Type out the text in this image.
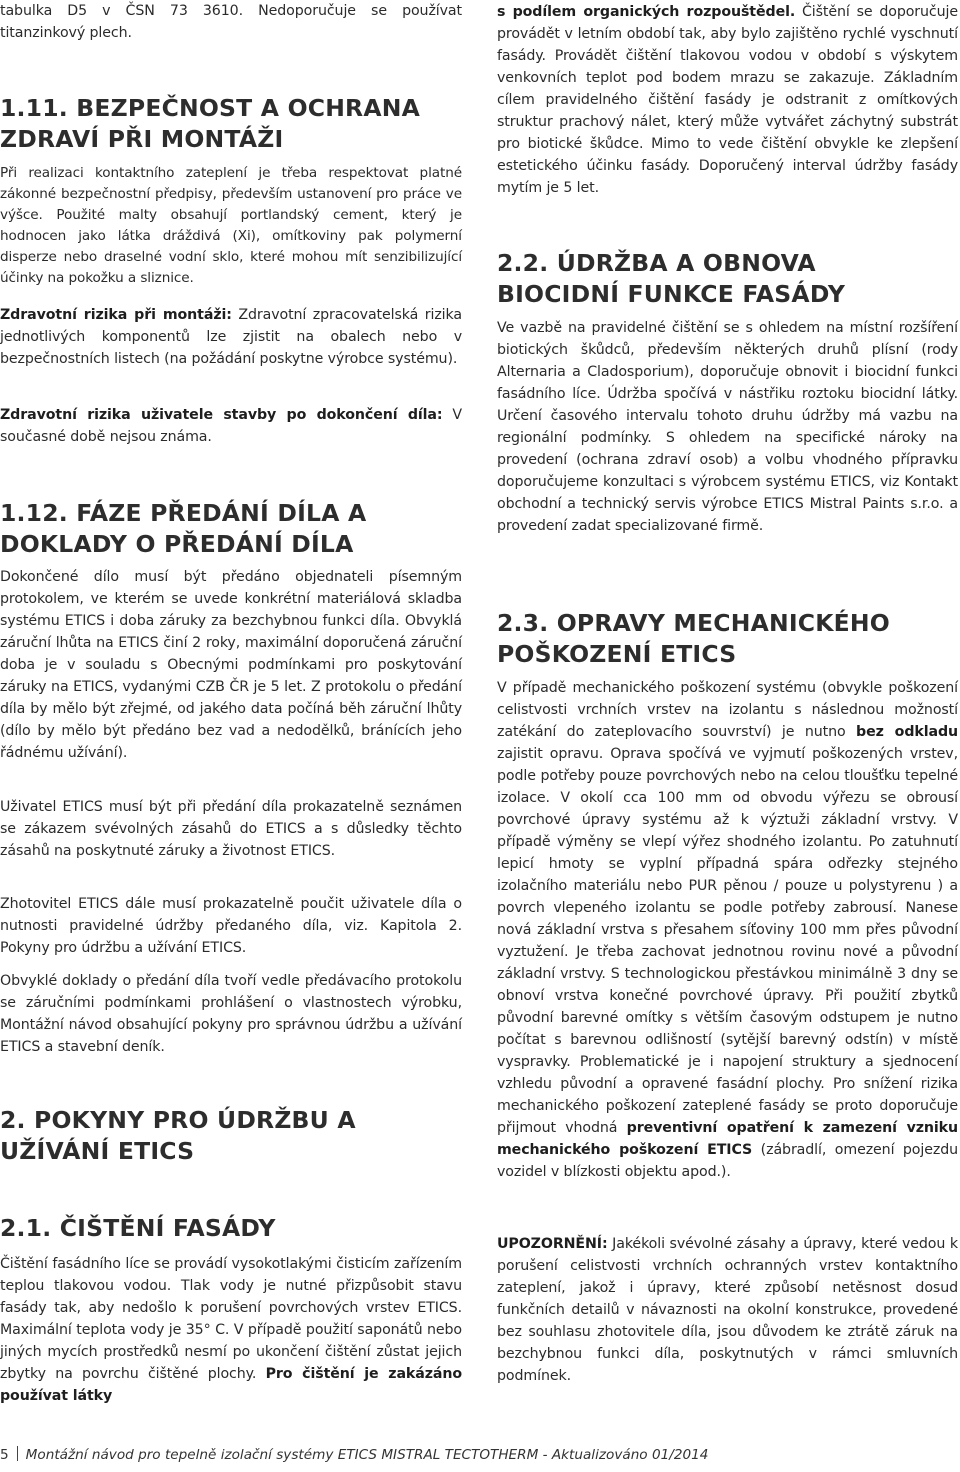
tabulka D5 v ČSN 73 3610. Nedoporučuje se používat titanzinkový plech.

1.11. BEZPEČNOST A OCHRANA ZDRAVÍ PŘI MONTÁŽI

Při realizaci kontaktního zateplení je třeba respektovat platné zákonné bezpečnostní předpisy, především ustanovení pro práce ve výšce. Použité malty obsahují portlandský cement, který je hodnocen jako látka dráždivá (Xi), omítkoviny pak polymerní disperze nebo draselné vodní sklo, které mohou mít senzibilizující účinky na pokožku a sliznice.

Zdravotní rizika při montáži: Zdravotní zpracovatelská rizika jednotlivých komponentů lze zjistit na obalech nebo v bezpečnostních listech (na požádání poskytne výrobce systému).

Zdravotní rizika uživatele stavby po dokončení díla: V současné době nejsou známa.

1.12. FÁZE PŘEDÁNÍ DÍLA A DOKLADY O PŘEDÁNÍ DÍLA

Dokončené dílo musí být předáno objednateli písemným protokolem, ve kterém se uvede konkrétní materiálová skladba systému ETICS i doba záruky za bezchybnou funkci díla. Obvyklá záruční lhůta na ETICS činí 2 roky, maximální doporučená záruční doba je v souladu s Obecnými podmínkami pro poskytování záruky na ETICS, vydanými CZB ČR je 5 let. Z protokolu o předání díla by mělo být zřejmé, od jakého data počíná běh záruční lhůty (dílo by mělo být předáno bez vad a nedodělků, bránících jeho řádnému užívání).

Uživatel ETICS musí být při předání díla prokazatelně seznámen se zákazem svévolných zásahů do ETICS a s důsledky těchto zásahů na poskytnuté záruky a životnost ETICS.

Zhotovitel ETICS dále musí prokazatelně poučit uživatele díla o nutnosti pravidelné údržby předaného díla, viz. Kapitola 2. Pokyny pro údržbu a užívání ETICS.

Obvyklé doklady o předání díla tvoří vedle předávacího protokolu se záručními podmínkami prohlášení o vlastnostech výrobku, Montážní návod obsahující pokyny pro správnou údržbu a užívání ETICS a stavební deník.

2. POKYNY PRO ÚDRŽBU A UŽÍVÁNÍ ETICS
2.1. ČIŠTĚNÍ FASÁDY

Čištění fasádního líce se provádí vysokotlakými čisticím zařízením teplou tlakovou vodou. Tlak vody je nutné přizpůsobit stavu fasády tak, aby nedošlo k porušení povrchových vrstev ETICS. Maximální teplota vody je 35° C. V případě použití saponátů nebo jiných mycích prostředků nesmí po ukončení čištění zůstat jejich zbytky na povrchu čištěné plochy. Pro čištění je zakázáno používat látky

s podílem organických rozpouštědel. Čištění se doporučuje provádět v letním období tak, aby bylo zajištěno rychlé vyschnutí fasády. Provádět čištění tlakovou vodou v období s výskytem venkovních teplot pod bodem mrazu se zakazuje. Základním cílem pravidelného čištění fasády je odstranit z omítkových struktur prachový nálet, který může vytvářet záchytný substrát pro biotické škůdce. Mimo to vede čištění obvykle ke zlepšení estetického účinku fasády. Doporučený interval údržby fasády mytím je 5 let.

2.2. ÚDRŽBA A OBNOVA BIOCIDNÍ FUNKCE FASÁDY

Ve vazbě na pravidelné čištění se s ohledem na místní rozšíření biotických škůdců, především některých druhů plísní (rody Alternaria a Cladosporium), doporučuje obnovit i biocidní funkci fasádního líce. Údržba spočívá v nástřiku roztoku biocidní látky. Určení časového intervalu tohoto druhu údržby má vazbu na regionální podmínky. S ohledem na specifické nároky na provedení (ochrana zdraví osob) a volbu vhodného přípravku doporučujeme konzultaci s výrobcem systému ETICS, viz Kontakt obchodní a technický servis výrobce ETICS Mistral Paints s.r.o. a provedení zadat specializované firmě.

2.3. OPRAVY MECHANICKÉHO POŠKOZENÍ ETICS

V případě mechanického poškození systému (obvykle poškození celistvosti vrchních vrstev na izolantu s následnou možností zatékání do zateplovacího souvrství) je nutno bez odkladu zajistit opravu. Oprava spočívá ve vyjmutí poškozených vrstev, podle potřeby pouze povrchových nebo na celou tloušťku tepelné izolace. V okolí cca 100 mm od obvodu výřezu se obrousí povrchové úpravy systému až k výztuži základní vrstvy. V případě výměny se vlepí výřez shodného izolantu. Po zatuhnutí lepicí hmoty se vyplní případná spára odřezky stejného izolačního materiálu nebo PUR pěnou / pouze u polystyrenu ) a povrch vlepeného izolantu se podle potřeby zabrousí. Nanese nová základní vrstva s přesahem síťoviny 100 mm přes původní vyztužení. Je třeba zachovat jednotnou rovinu nové a původní základní vrstvy. S technologickou přestávkou minimálně 3 dny se obnoví vrstva konečné povrchové úpravy. Při použití zbytků původní barevné omítky s větším časovým odstupem je nutno počítat s barevnou odlišností (sytější barevný odstín) v místě vyspravky. Problematické je i napojení struktury a sjednocení vzhledu původní a opravené fasádní plochy. Pro snížení rizika mechanického poškození zateplené fasády se proto doporučuje přijmout vhodná preventivní opatření k zamezení vzniku mechanického poškození ETICS (zábradlí, omezení pojezdu vozidel v blízkosti objektu apod.).

UPOZORNĚNÍ: Jakékoli svévolné zásahy a úpravy, které vedou k porušení celistvosti vrchních ochranných vrstev kontaktního zateplení, jakož i úpravy, které způsobí netěsnost dosud funkčních detailů v návaznosti na okolní konstrukce, provedené bez souhlasu zhotovitele díla, jsou důvodem ke ztrátě záruk na bezchybnou funkci díla, poskytnutých v rámci smluvních podmínek.

5 Montážní návod pro tepelně izolační systémy ETICS MISTRAL TECTOTHERM - Aktualizováno 01/2014
